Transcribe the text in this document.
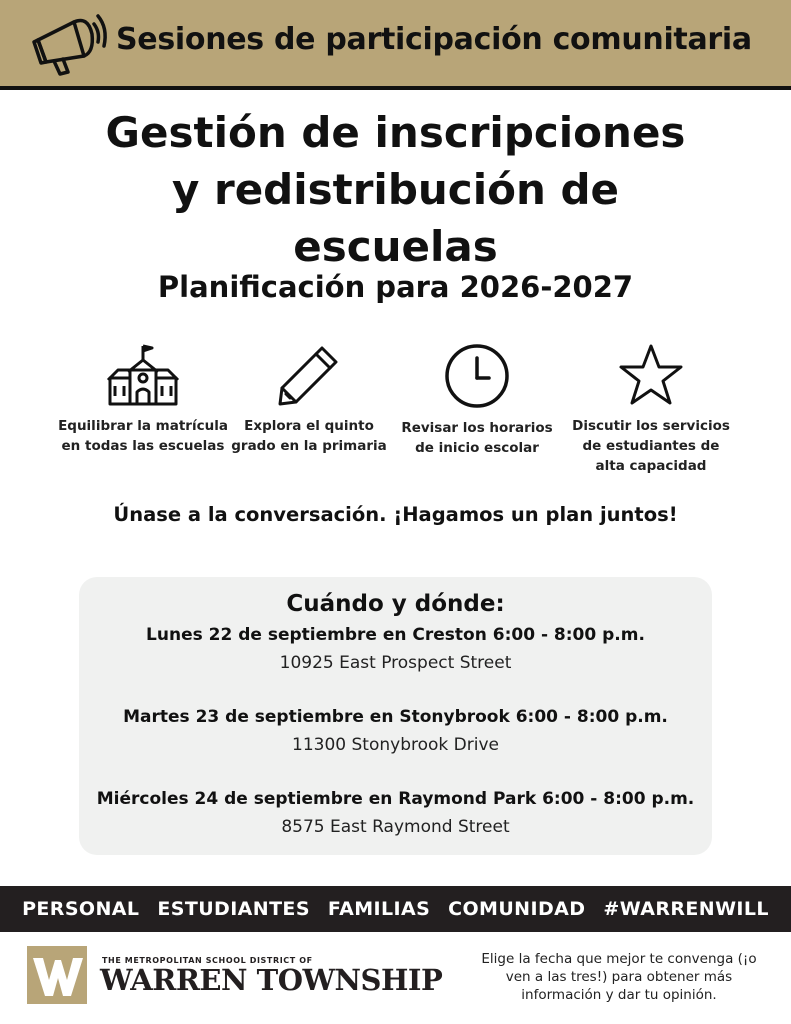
Sesiones de participación comunitaria
Gestión de inscripciones
y redistribución de
escuelas
Planificación para 2026-2027
Equilibrar la matrícula en todas las escuelas
Explora el quinto grado en la primaria
Revisar los horarios de inicio escolar
Discutir los servicios de estudiantes de alta capacidad
Únase a la conversación. ¡Hagamos un plan juntos!
Cuándo y dónde:
Lunes 22 de septiembre en Creston 6:00 - 8:00 p.m.
10925 East Prospect Street
Martes 23 de septiembre en Stonybrook 6:00 - 8:00 p.m.
11300 Stonybrook Drive
Miércoles 24 de septiembre en Raymond Park 6:00 - 8:00 p.m.
8575 East Raymond Street
PERSONAL ESTUDIANTES FAMILIAS COMUNIDAD #WARRENWILL
THE METROPOLITAN SCHOOL DISTRICT OF
WARREN TOWNSHIP
Elige la fecha que mejor te convenga (¡o ven a las tres!) para obtener más información y dar tu opinión.
